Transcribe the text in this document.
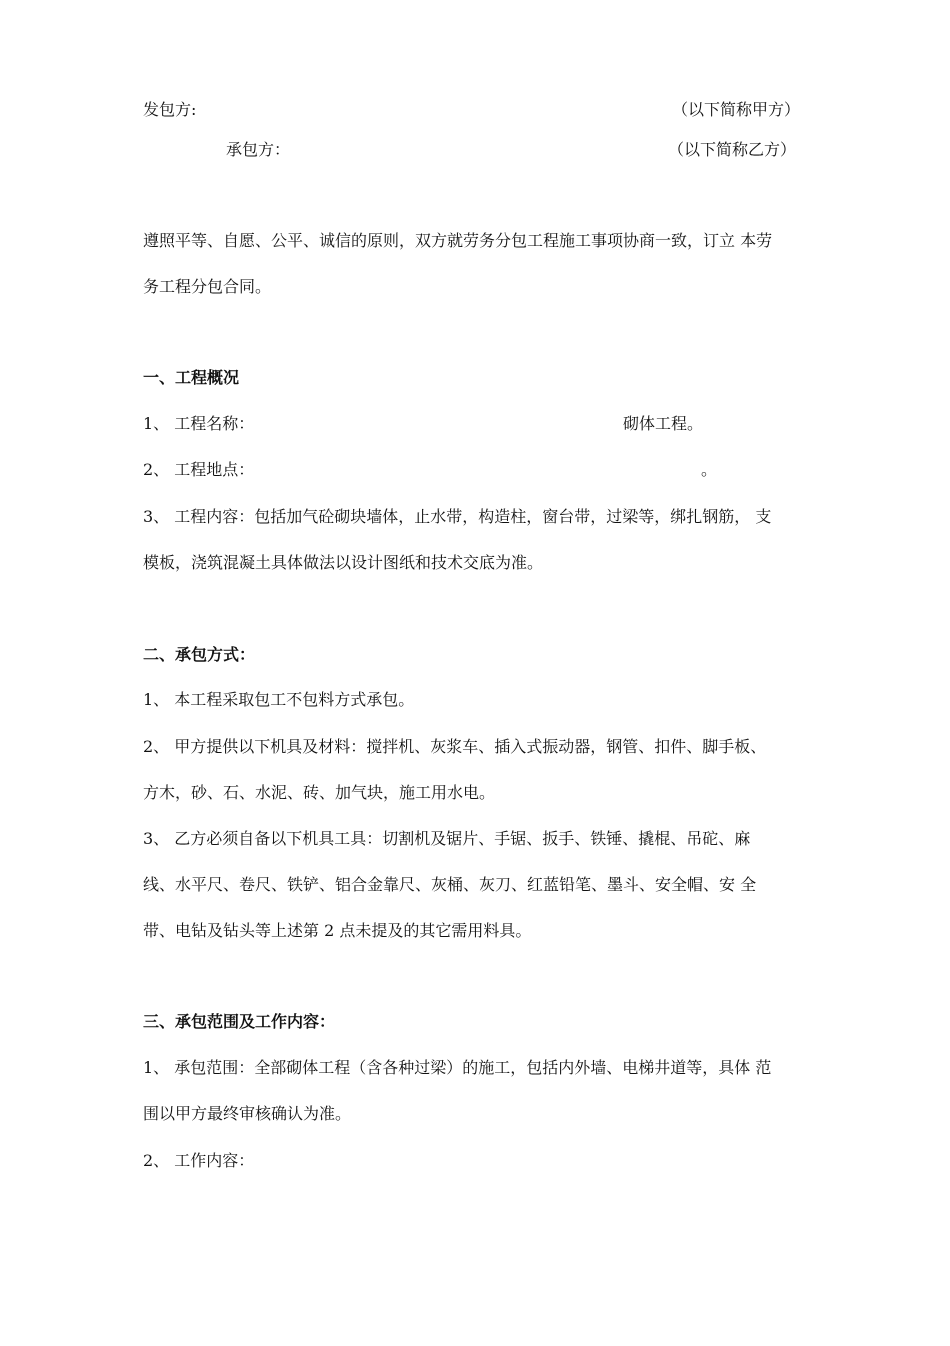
发包方:	（以下简称甲方）
承包方：	（以下简称乙方）
遵照平等、自愿、公平、诚信的原则，双方就劳务分包工程施工事项协商一致，订立 本劳
务工程分包合同。
一、工程概况
1、 工程名称：	砌体工程。
2、 工程地点：	。
3、 工程内容：包括加气砼砌块墙体，止水带，构造柱，窗台带，过梁等，绑扎钢筋， 支
模板，浇筑混凝土具体做法以设计图纸和技术交底为准。
二、承包方式：
1、 本工程采取包工不包料方式承包。
2、 甲方提供以下机具及材料：搅拌机、灰浆车、插入式振动器，钢管、扣件、脚手板、
方木，砂、石、水泥、砖、加气块，施工用水电。
3、 乙方必须自备以下机具工具：切割机及锯片、手锯、扳手、铁锤、撬棍、吊砣、麻
线、水平尺、卷尺、铁铲、铝合金靠尺、灰桶、灰刀、红蓝铅笔、墨斗、安全帽、安 全
带、电钻及钻头等上述第 2 点未提及的其它需用料具。
三、承包范围及工作内容：
1、 承包范围：全部砌体工程（含各种过梁）的施工，包括内外墙、电梯井道等，具体 范
围以甲方最终审核确认为准。
2、 工作内容：
